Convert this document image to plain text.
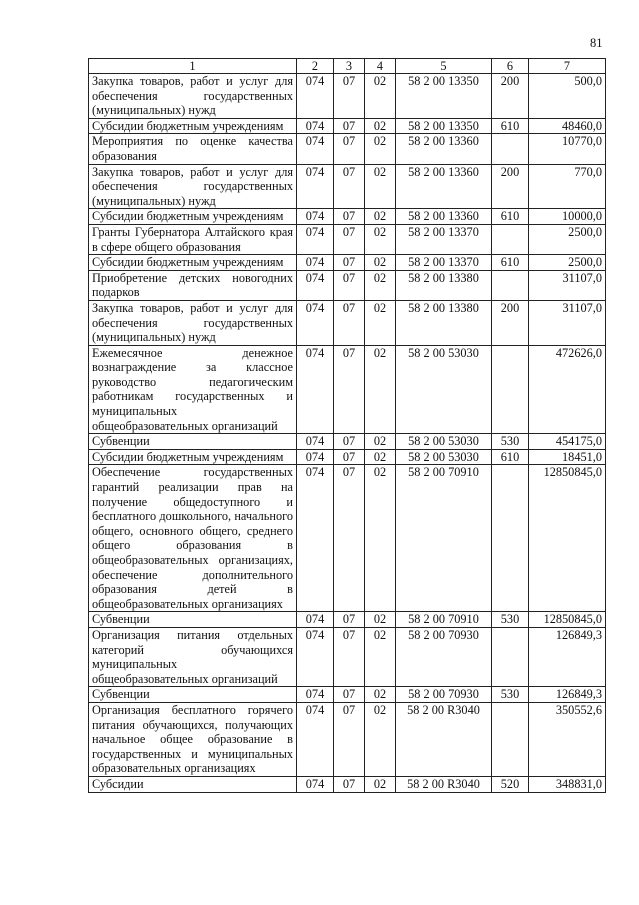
81
1	2	3	4	5	6	7
Закупка товаров, работ и услуг для обеспечения государственных (муниципальных) нужд	074	07	02	58 2 00 13350	200	500,0
Субсидии бюджетным учреждениям	074	07	02	58 2 00 13350	610	48460,0
Мероприятия по оценке качества образования	074	07	02	58 2 00 13360		10770,0
Закупка товаров, работ и услуг для обеспечения государственных (муниципальных) нужд	074	07	02	58 2 00 13360	200	770,0
Субсидии бюджетным учреждениям	074	07	02	58 2 00 13360	610	10000,0
Гранты Губернатора Алтайского края в сфере общего образования	074	07	02	58 2 00 13370		2500,0
Субсидии бюджетным учреждениям	074	07	02	58 2 00 13370	610	2500,0
Приобретение детских новогодних подарков	074	07	02	58 2 00 13380		31107,0
Закупка товаров, работ и услуг для обеспечения государственных (муниципальных) нужд	074	07	02	58 2 00 13380	200	31107,0
Ежемесячное денежное вознаграждение за классное руководство педагогическим работникам государственных и муниципальных общеобразовательных организаций	074	07	02	58 2 00 53030		472626,0
Субвенции	074	07	02	58 2 00 53030	530	454175,0
Субсидии бюджетным учреждениям	074	07	02	58 2 00 53030	610	18451,0
Обеспечение государственных гарантий реализации прав на получение общедоступного и бесплатного дошкольного, начального общего, основного общего, среднего общего образования в общеобразовательных организациях, обеспечение дополнительного образования детей в общеобразовательных организациях	074	07	02	58 2 00 70910		12850845,0
Субвенции	074	07	02	58 2 00 70910	530	12850845,0
Организация питания отдельных категорий обучающихся муниципальных общеобразовательных организаций	074	07	02	58 2 00 70930		126849,3
Субвенции	074	07	02	58 2 00 70930	530	126849,3
Организация бесплатного горячего питания обучающихся, получающих начальное общее образование в государственных и муниципальных образовательных организациях	074	07	02	58 2 00 R3040		350552,6
Субсидии	074	07	02	58 2 00 R3040	520	348831,0
